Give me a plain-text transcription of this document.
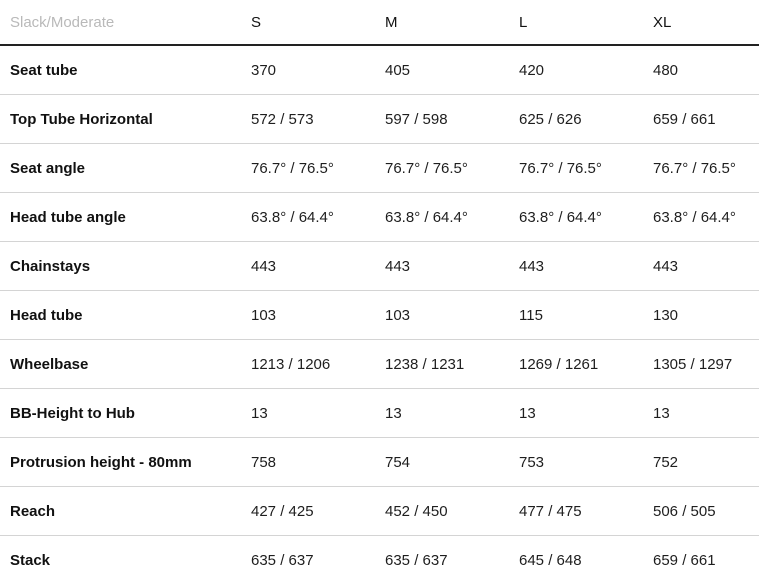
Slack/Moderate	S	M	L	XL
Seat tube	370	405	420	480
Top Tube Horizontal	572 / 573	597 / 598	625 / 626	659 / 661
Seat angle	76.7° / 76.5°	76.7° / 76.5°	76.7° / 76.5°	76.7° / 76.5°
Head tube angle	63.8° / 64.4°	63.8° / 64.4°	63.8° / 64.4°	63.8° / 64.4°
Chainstays	443	443	443	443
Head tube	103	103	115	130
Wheelbase	1213 / 1206	1238 / 1231	1269 / 1261	1305 / 1297
BB-Height to Hub	13	13	13	13
Protrusion height - 80mm	758	754	753	752
Reach	427 / 425	452 / 450	477 / 475	506 / 505
Stack	635 / 637	635 / 637	645 / 648	659 / 661
